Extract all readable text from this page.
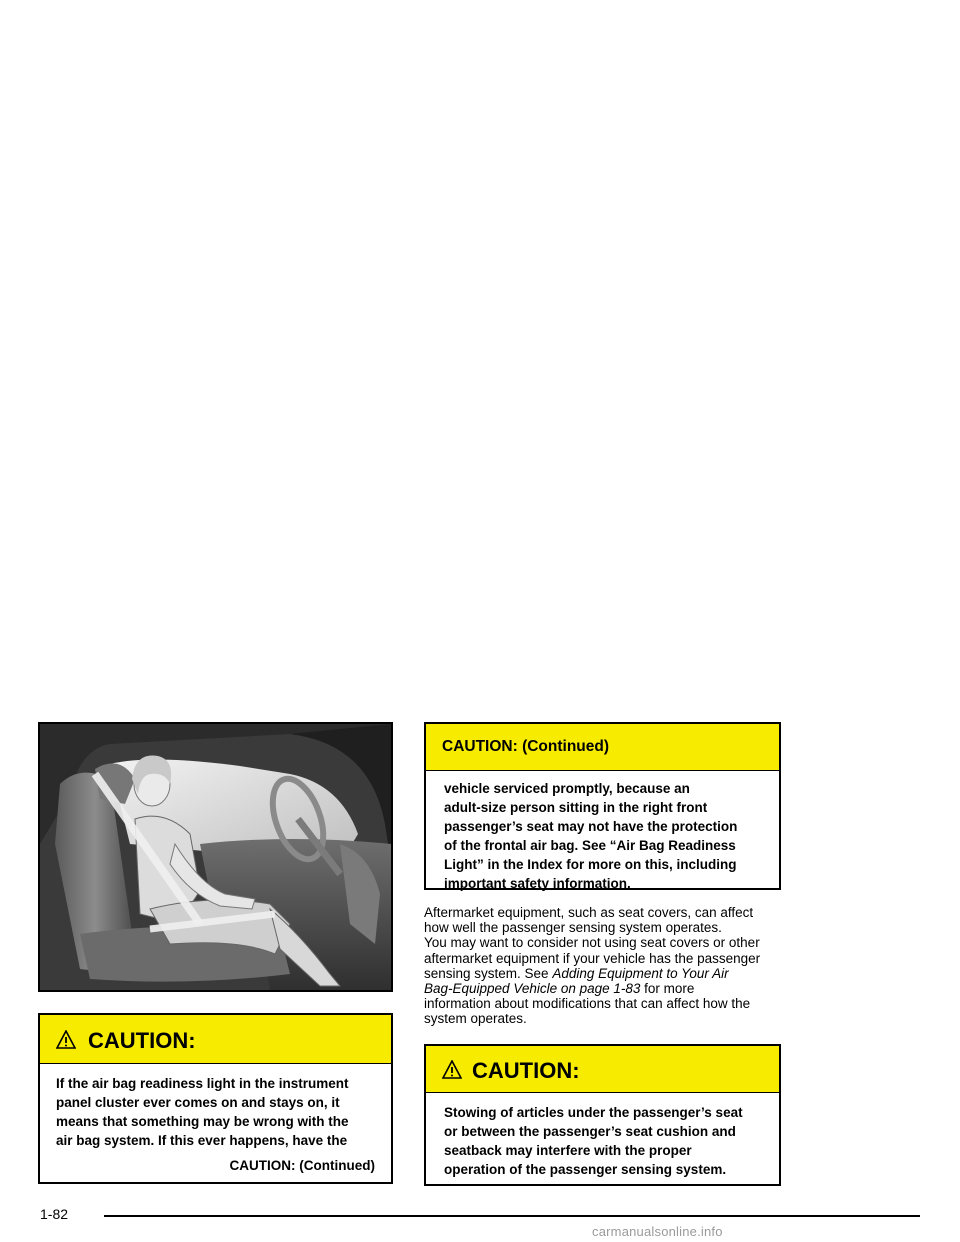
CAUTION:
If the air bag readiness light in the instrument
panel cluster ever comes on and stays on, it
means that something may be wrong with the
air bag system. If this ever happens, have the
CAUTION: (Continued)
CAUTION: (Continued)
vehicle serviced promptly, because an
adult-size person sitting in the right front
passenger’s seat may not have the protection
of the frontal air bag. See “Air Bag Readiness
Light” in the Index for more on this, including
important safety information.

Aftermarket equipment, such as seat covers, can affect
how well the passenger sensing system operates.
You may want to consider not using seat covers or other
aftermarket equipment if your vehicle has the passenger
sensing system. See Adding Equipment to Your Air
Bag-Equipped Vehicle on page 1-83 for more
information about modifications that can affect how the
system operates.

CAUTION:
Stowing of articles under the passenger’s seat
or between the passenger’s seat cushion and
seatback may interfere with the proper
operation of the passenger sensing system.
1-82
carmanualsonline.info
